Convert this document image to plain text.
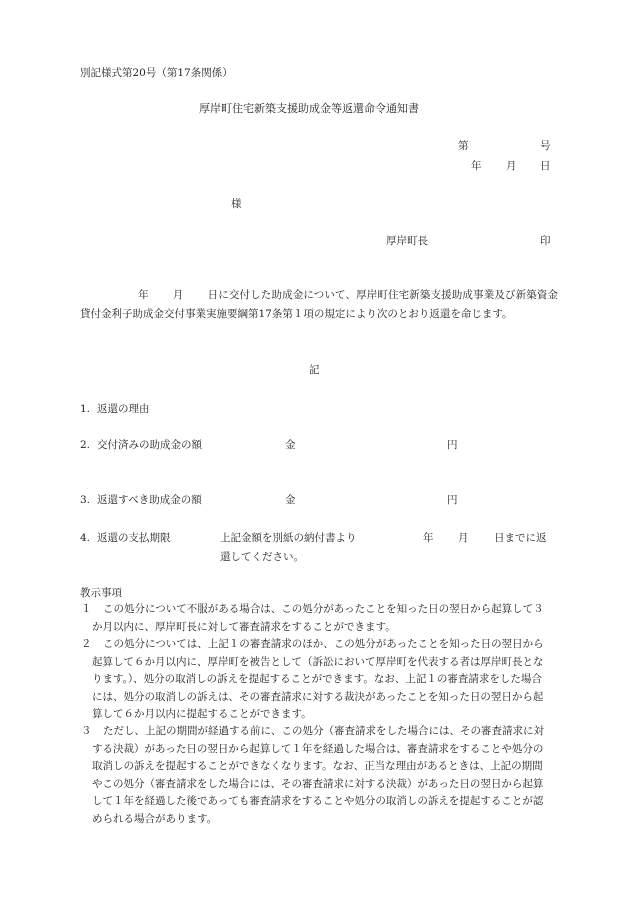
別記様式第20号（第17条関係）
厚岸町住宅新築支援助成金等返還命令通知書
第	号
年 月 日
様
厚岸町長	印
年 月 日に交付した助成金について、厚岸町住宅新築支援助成事業及び新築資金貸付金利子助成金交付事業実施要綱第17条第１項の規定により次のとおり返還を命じます。
記
1. 返還の理由
2. 交付済みの助成金の額	金	円
3. 返還すべき助成金の額	金	円
4. 返還の支払期限	上記金額を別紙の納付書より	年 月 日までに返
還してください。
教示事項
１ この処分について不服がある場合は、この処分があったことを知った日の翌日から起算して３か月以内に、厚岸町長に対して審査請求をすることができます。
２ この処分については、上記１の審査請求のほか、この処分があったことを知った日の翌日から起算して６か月以内に、厚岸町を被告として（訴訟において厚岸町を代表する者は厚岸町長となります。）、処分の取消しの訴えを提起することができます。なお、上記１の審査請求をした場合には、処分の取消しの訴えは、その審査請求に対する裁決があったことを知った日の翌日から起算して６か月以内に提起することができます。
３ ただし、上記の期間が経過する前に、この処分（審査請求をした場合には、その審査請求に対する決裁）があった日の翌日から起算して１年を経過した場合は、審査請求をすることや処分の取消しの訴えを提起することができなくなります。なお、正当な理由があるときは、上記の期間やこの処分（審査請求をした場合には、その審査請求に対する決裁）があった日の翌日から起算して１年を経過した後であっても審査請求をすることや処分の取消しの訴えを提起することが認められる場合があります。
